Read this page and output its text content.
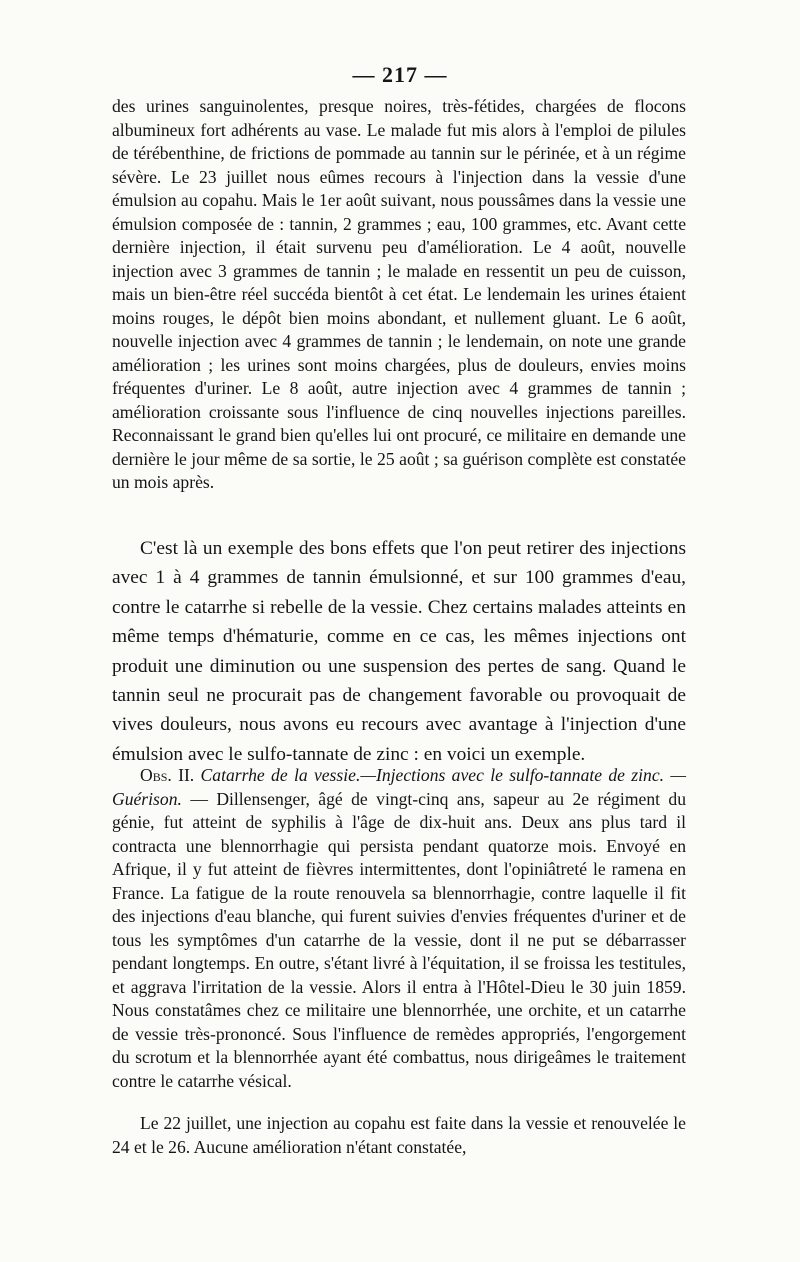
— 217 —

des urines sanguinolentes, presque noires, très-fétides, chargées de flocons albumineux fort adhérents au vase. Le malade fut mis alors à l'emploi de pilules de térébenthine, de frictions de pommade au tannin sur le périnée, et à un régime sévère. Le 23 juillet nous eûmes recours à l'injection dans la vessie d'une émulsion au copahu. Mais le 1er août suivant, nous poussâmes dans la vessie une émulsion composée de : tannin, 2 grammes ; eau, 100 grammes, etc. Avant cette dernière injection, il était survenu peu d'amélioration. Le 4 août, nouvelle injection avec 3 grammes de tannin ; le malade en ressentit un peu de cuisson, mais un bien-être réel succéda bientôt à cet état. Le lendemain les urines étaient moins rouges, le dépôt bien moins abondant, et nullement gluant. Le 6 août, nouvelle injection avec 4 grammes de tannin ; le lendemain, on note une grande amélioration ; les urines sont moins chargées, plus de douleurs, envies moins fréquentes d'uriner. Le 8 août, autre injection avec 4 grammes de tannin ; amélioration croissante sous l'influence de cinq nouvelles injections pareilles. Reconnaissant le grand bien qu'elles lui ont procuré, ce militaire en demande une dernière le jour même de sa sortie, le 25 août ; sa guérison complète est constatée un mois après.

C'est là un exemple des bons effets que l'on peut retirer des injections avec 1 à 4 grammes de tannin émulsionné, et sur 100 grammes d'eau, contre le catarrhe si rebelle de la vessie. Chez certains malades atteints en même temps d'hématurie, comme en ce cas, les mêmes injections ont produit une diminution ou une suspension des pertes de sang. Quand le tannin seul ne procurait pas de changement favorable ou provoquait de vives douleurs, nous avons eu recours avec avantage à l'injection d'une émulsion avec le sulfo-tannate de zinc : en voici un exemple.

Obs. II. Catarrhe de la vessie.—Injections avec le sulfo-tannate de zinc. — Guérison. — Dillensenger, âgé de vingt-cinq ans, sapeur au 2e régiment du génie, fut atteint de syphilis à l'âge de dix-huit ans. Deux ans plus tard il contracta une blennorrhagie qui persista pendant quatorze mois. Envoyé en Afrique, il y fut atteint de fièvres intermittentes, dont l'opiniâtreté le ramena en France. La fatigue de la route renouvela sa blennorrhagie, contre laquelle il fit des injections d'eau blanche, qui furent suivies d'envies fréquentes d'uriner et de tous les symptômes d'un catarrhe de la vessie, dont il ne put se débarrasser pendant longtemps. En outre, s'étant livré à l'équitation, il se froissa les testitules, et aggrava l'irritation de la vessie. Alors il entra à l'Hôtel-Dieu le 30 juin 1859. Nous constatâmes chez ce militaire une blennorrhée, une orchite, et un catarrhe de vessie très-prononcé. Sous l'influence de remèdes appropriés, l'engorgement du scrotum et la blennorrhée ayant été combattus, nous dirigeâmes le traitement contre le catarrhe vésical.

Le 22 juillet, une injection au copahu est faite dans la vessie et renouvelée le 24 et le 26. Aucune amélioration n'étant constatée,
